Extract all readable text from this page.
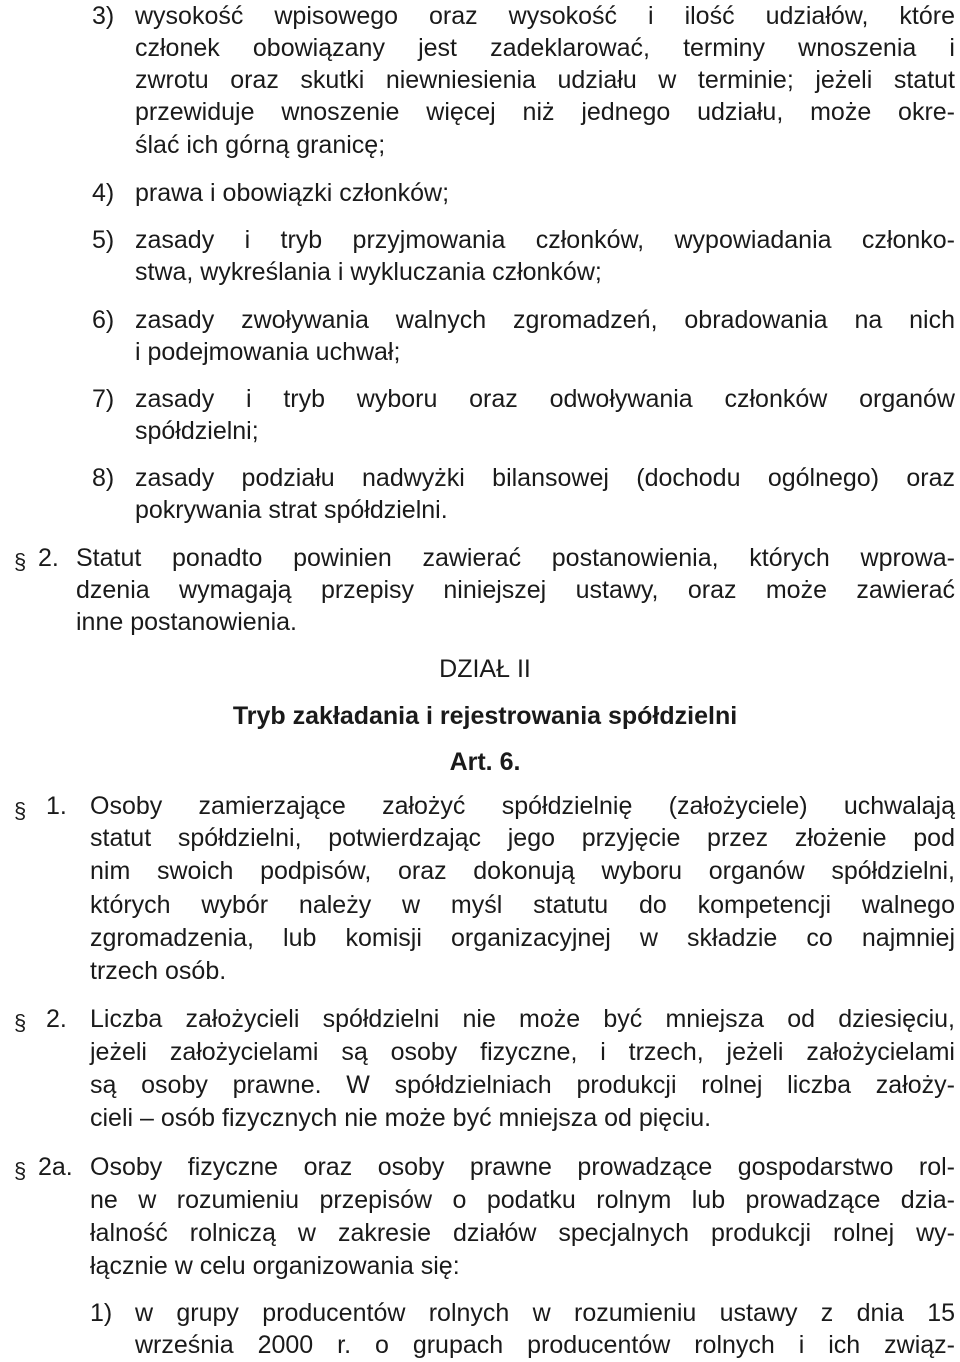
3) wysokość wpisowego oraz wysokość i ilość udziałów, które
członek obowiązany jest zadeklarować, terminy wnoszenia i
zwrotu oraz skutki niewniesienia udziału w terminie; jeżeli statut
przewiduje wnoszenie więcej niż jednego udziału, może okre-
ślać ich górną granicę;
4) prawa i obowiązki członków;
5) zasady i tryb przyjmowania członków, wypowiadania członko-
stwa, wykreślania i wykluczania członków;
6) zasady zwoływania walnych zgromadzeń, obradowania na nich
i podejmowania uchwał;
7) zasady i tryb wyboru oraz odwoływania członków organów
spółdzielni;
8) zasady podziału nadwyżki bilansowej (dochodu ogólnego) oraz
pokrywania strat spółdzielni.
§ 2. Statut ponadto powinien zawierać postanowienia, których wprowa-
dzenia wymagają przepisy niniejszej ustawy, oraz może zawierać
inne postanowienia.
DZIAŁ II
Tryb zakładania i rejestrowania spółdzielni
Art. 6.
§ 1. Osoby zamierzające założyć spółdzielnię (założyciele) uchwalają
statut spółdzielni, potwierdzając jego przyjęcie przez złożenie pod
nim swoich podpisów, oraz dokonują wyboru organów spółdzielni,
których wybór należy w myśl statutu do kompetencji walnego
zgromadzenia, lub komisji organizacyjnej w składzie co najmniej
trzech osób.
§ 2. Liczba założycieli spółdzielni nie może być mniejsza od dziesięciu,
jeżeli założycielami są osoby fizyczne, i trzech, jeżeli założycielami
są osoby prawne. W spółdzielniach produkcji rolnej liczba założy-
cieli – osób fizycznych nie może być mniejsza od pięciu.
§ 2a. Osoby fizyczne oraz osoby prawne prowadzące gospodarstwo rol-
ne w rozumieniu przepisów o podatku rolnym lub prowadzące dzia-
łalność rolniczą w zakresie działów specjalnych produkcji rolnej wy-
łącznie w celu organizowania się:
1) w grupy producentów rolnych w rozumieniu ustawy z dnia 15
września 2000 r. o grupach producentów rolnych i ich związ-
